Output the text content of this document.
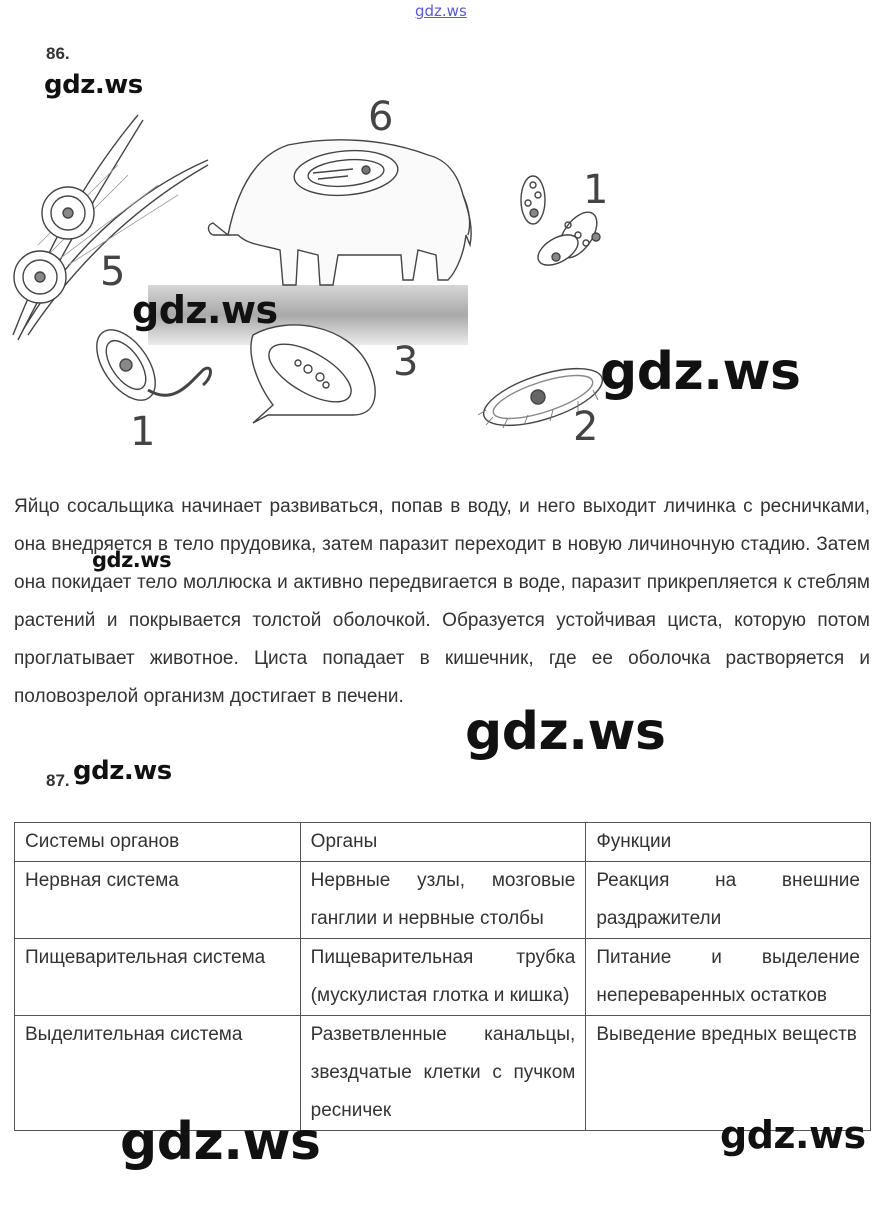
gdz.ws
86.
gdz.ws
6
1
5
3
1	2
gdz.ws
gdz.ws
Яйцо сосальщика начинает развиваться, попав в воду, и него выходит личинка с ресничками, она внедряется в тело прудовика, затем паразит переходит в новую личиночную стадию. Затем она покидает тело моллюска и активно передвигается в воде, паразит прикрепляется к стеблям растений и покрывается толстой оболочкой. Образуется устойчивая циста, которую потом проглатывает животное. Циста попадает в кишечник, где ее оболочка растворяется и половозрелой организм достигает в печени.
gdz.ws
gdz.ws
87. gdz.ws
Системы органов	Органы	Функции
Нервная система	Нервные узлы, мозговые ганглии и нервные столбы	Реакция на внешние раздражители
Пищеварительная система	Пищеварительная трубка (мускулистая глотка и кишка)	Питание и выделение непереваренных остатков
Выделительная система	Разветвленные канальцы, звездчатые клетки с пучком ресничек	Выведение вредных веществ
gdz.ws	gdz.ws
